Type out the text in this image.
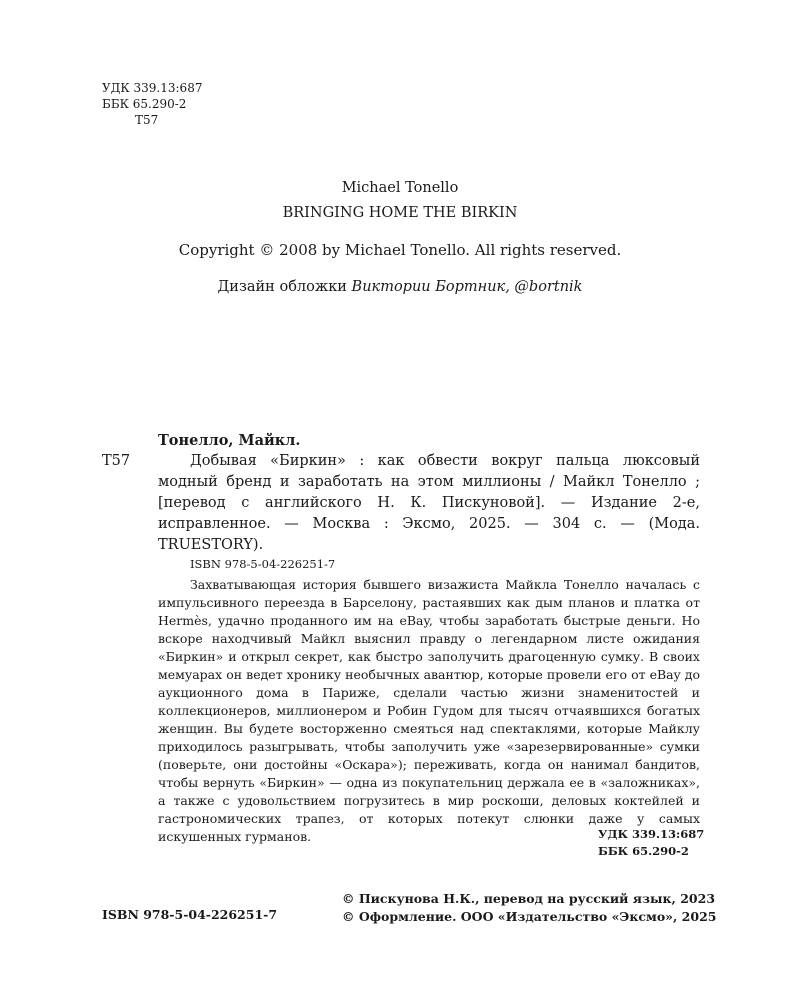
УДК 339.13:687
ББК 65.290-2
Т57
Michael Tonello
BRINGING HOME THE BIRKIN
Copyright © 2008 by Michael Tonello. All rights reserved.
Дизайн обложки Виктории Бортник, @bortnik
Тонелло, Майкл.
Т57	Добывая «Биркин» : как обвести вокруг пальца люксовый модный бренд и заработать на этом миллионы / Майкл Тонелло ; [перевод с английского Н. К. Пискуновой]. — Издание 2-е, исправленное. — Москва : Эксмо, 2025. — 304 с. — (Мода. TRUESTORY).
ISBN 978-5-04-226251-7

Захватывающая история бывшего визажиста Майкла Тонелло началась с импульсивного переезда в Барселону, растаявших как дым планов и платка от Hermès, удачно проданного им на eBay, чтобы заработать быстрые деньги. Но вскоре находчивый Майкл выяснил правду о легендарном листе ожидания «Биркин» и открыл секрет, как быстро заполучить драгоценную сумку. В своих мемуарах он ведет хронику необычных авантюр, которые провели его от eBay до аукционного дома в Париже, сделали частью жизни знаменитостей и коллекционеров, миллионером и Робин Гудом для тысяч отчаявшихся богатых женщин. Вы будете восторженно смеяться над спектаклями, которые Майклу приходилось разыгрывать, чтобы заполучить уже «зарезервированные» сумки (поверьте, они достойны «Оскара»); переживать, когда он нанимал бандитов, чтобы вернуть «Биркин» — одна из покупательниц держала ее в «заложниках», а также с удовольствием погрузитесь в мир роскоши, деловых коктейлей и гастрономических трапез, от которых потекут слюнки даже у самых искушенных гурманов.	УДК 339.13:687
ББК 65.290-2
ISBN 978-5-04-226251-7
© Пискунова Н.К., перевод на русский язык, 2023
© Оформление. ООО «Издательство «Эксмо», 2025
